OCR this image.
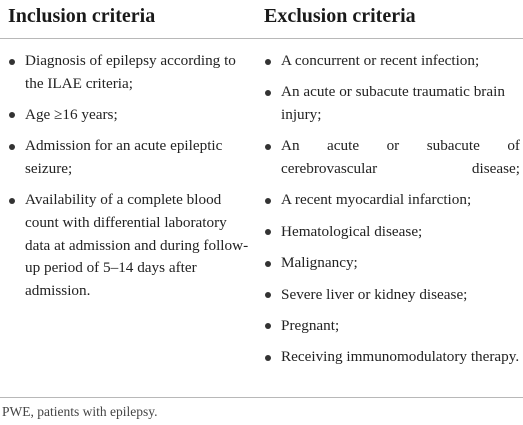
Inclusion criteria	Exclusion criteria
Diagnosis of epilepsy according to the ILAE criteria;
Age ≥16 years;
Admission for an acute epileptic seizure;
Availability of a complete blood count with differential laboratory data at admission and during follow-up period of 5–14 days after admission.
A concurrent or recent infection;
An acute or subacute traumatic brain injury;
An acute or subacute of cerebrovascular disease;
A recent myocardial infarction;
Hematological disease;
Malignancy;
Severe liver or kidney disease;
Pregnant;
Receiving immunomodulatory therapy.
PWE, patients with epilepsy.
